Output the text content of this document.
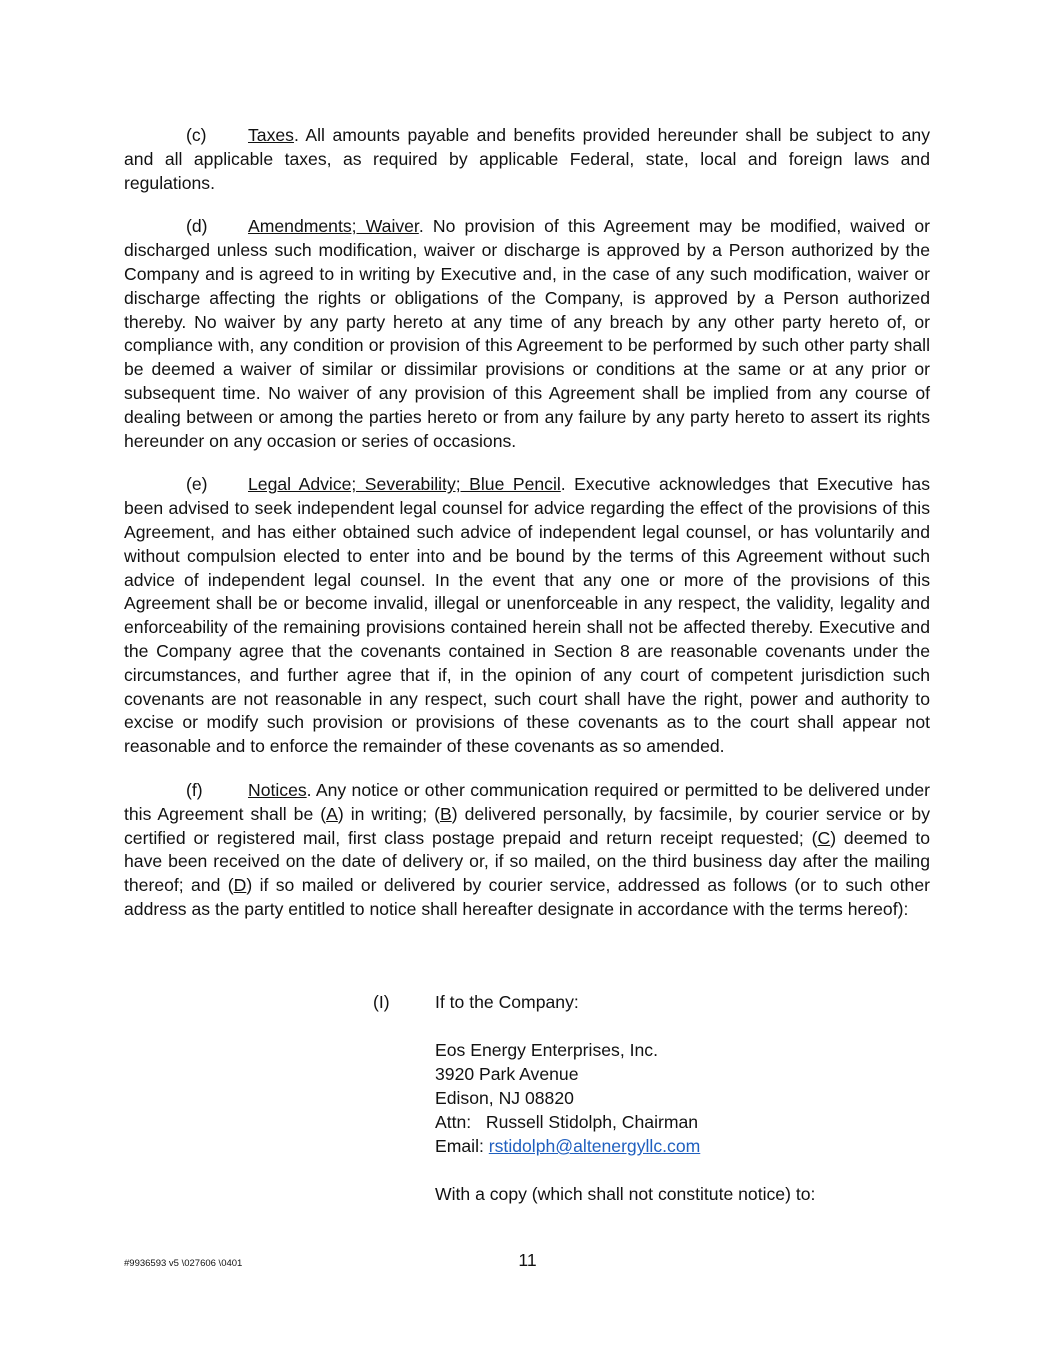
(c) Taxes. All amounts payable and benefits provided hereunder shall be subject to any and all applicable taxes, as required by applicable Federal, state, local and foreign laws and regulations.

(d) Amendments; Waiver. No provision of this Agreement may be modified, waived or discharged unless such modification, waiver or discharge is approved by a Person authorized by the Company and is agreed to in writing by Executive and, in the case of any such modification, waiver or discharge affecting the rights or obligations of the Company, is approved by a Person authorized thereby. No waiver by any party hereto at any time of any breach by any other party hereto of, or compliance with, any condition or provision of this Agreement to be performed by such other party shall be deemed a waiver of similar or dissimilar provisions or conditions at the same or at any prior or subsequent time. No waiver of any provision of this Agreement shall be implied from any course of dealing between or among the parties hereto or from any failure by any party hereto to assert its rights hereunder on any occasion or series of occasions.

(e) Legal Advice; Severability; Blue Pencil. Executive acknowledges that Executive has been advised to seek independent legal counsel for advice regarding the effect of the provisions of this Agreement, and has either obtained such advice of independent legal counsel, or has voluntarily and without compulsion elected to enter into and be bound by the terms of this Agreement without such advice of independent legal counsel. In the event that any one or more of the provisions of this Agreement shall be or become invalid, illegal or unenforceable in any respect, the validity, legality and enforceability of the remaining provisions contained herein shall not be affected thereby. Executive and the Company agree that the covenants contained in Section 8 are reasonable covenants under the circumstances, and further agree that if, in the opinion of any court of competent jurisdiction such covenants are not reasonable in any respect, such court shall have the right, power and authority to excise or modify such provision or provisions of these covenants as to the court shall appear not reasonable and to enforce the remainder of these covenants as so amended.

(f)	Notices. Any notice or other communication required or permitted to be delivered under this Agreement shall be (A) in writing; (B) delivered personally, by facsimile, by courier service or by certified or registered mail, first class postage prepaid and return receipt requested; (C) deemed to have been received on the date of delivery or, if so mailed, on the third business day after the mailing thereof; and (D) if so mailed or delivered by courier service, addressed as follows (or to such other address as the party entitled to notice shall hereafter designate in accordance with the terms hereof):

(I)	If to the Company:
Eos Energy Enterprises, Inc.
3920 Park Avenue
Edison, NJ 08820
Attn: Russell Stidolph, Chairman
Email: rstidolph@altenergyllc.com
With a copy (which shall not constitute notice) to:
#9936593 v5 \027606 \0401	11
